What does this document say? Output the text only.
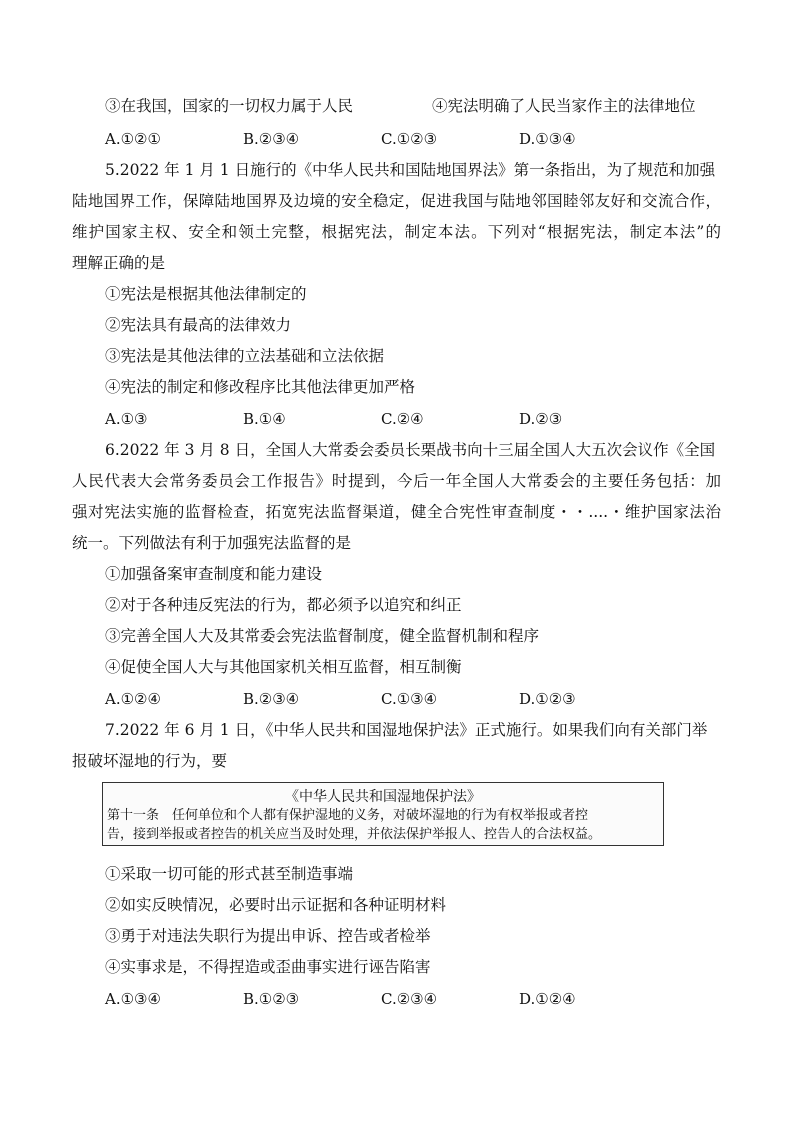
③在我国，国家的一切权力属于人民	④宪法明确了人民当家作主的法律地位
A.①②①	B.②③④	C.①②③	D.①③④
5.2022 年 1 月 1 日施行的《中华人民共和国陆地国界法》第一条指出，为了规范和加强
陆地国界工作，保障陆地国界及边境的安全稳定，促进我国与陆地邻国睦邻友好和交流合作，
维护国家主权、安全和领土完整，根据宪法，制定本法。下列对“根据宪法，制定本法”的
理解正确的是
①宪法是根据其他法律制定的
②宪法具有最高的法律效力
③宪法是其他法律的立法基础和立法依据
④宪法的制定和修改程序比其他法律更加严格
A.①③	B.①④	C.②④	D.②③
6.2022 年 3 月 8 日，全国人大常委会委员长栗战书向十三届全国人大五次会议作《全国
人民代表大会常务委员会工作报告》时提到，今后一年全国人大常委会的主要任务包括：加
强对宪法实施的监督检查，拓宽宪法监督渠道，健全合宪性审查制度・・....・维护国家法治
统一。下列做法有利于加强宪法监督的是
①加强备案审查制度和能力建设
②对于各种违反宪法的行为，都必须予以追究和纠正
③完善全国人大及其常委会宪法监督制度，健全监督机制和程序
④促使全国人大与其他国家机关相互监督，相互制衡
A.①②④	B.②③④	C.①③④	D.①②③
7.2022 年 6 月 1 日，《中华人民共和国湿地保护法》正式施行。如果我们向有关部门举
报破坏湿地的行为，要
《中华人民共和国湿地保护法》
第十一条　任何单位和个人都有保护湿地的义务，对破坏湿地的行为有权举报或者控
告，接到举报或者控告的机关应当及时处理，并依法保护举报人、控告人的合法权益。
①采取一切可能的形式甚至制造事端
②如实反映情况，必要时出示证据和各种证明材料
③勇于对违法失职行为提出申诉、控告或者检举
④实事求是，不得捏造或歪曲事实进行诬告陷害
A.①③④	B.①②③	C.②③④	D.①②④
